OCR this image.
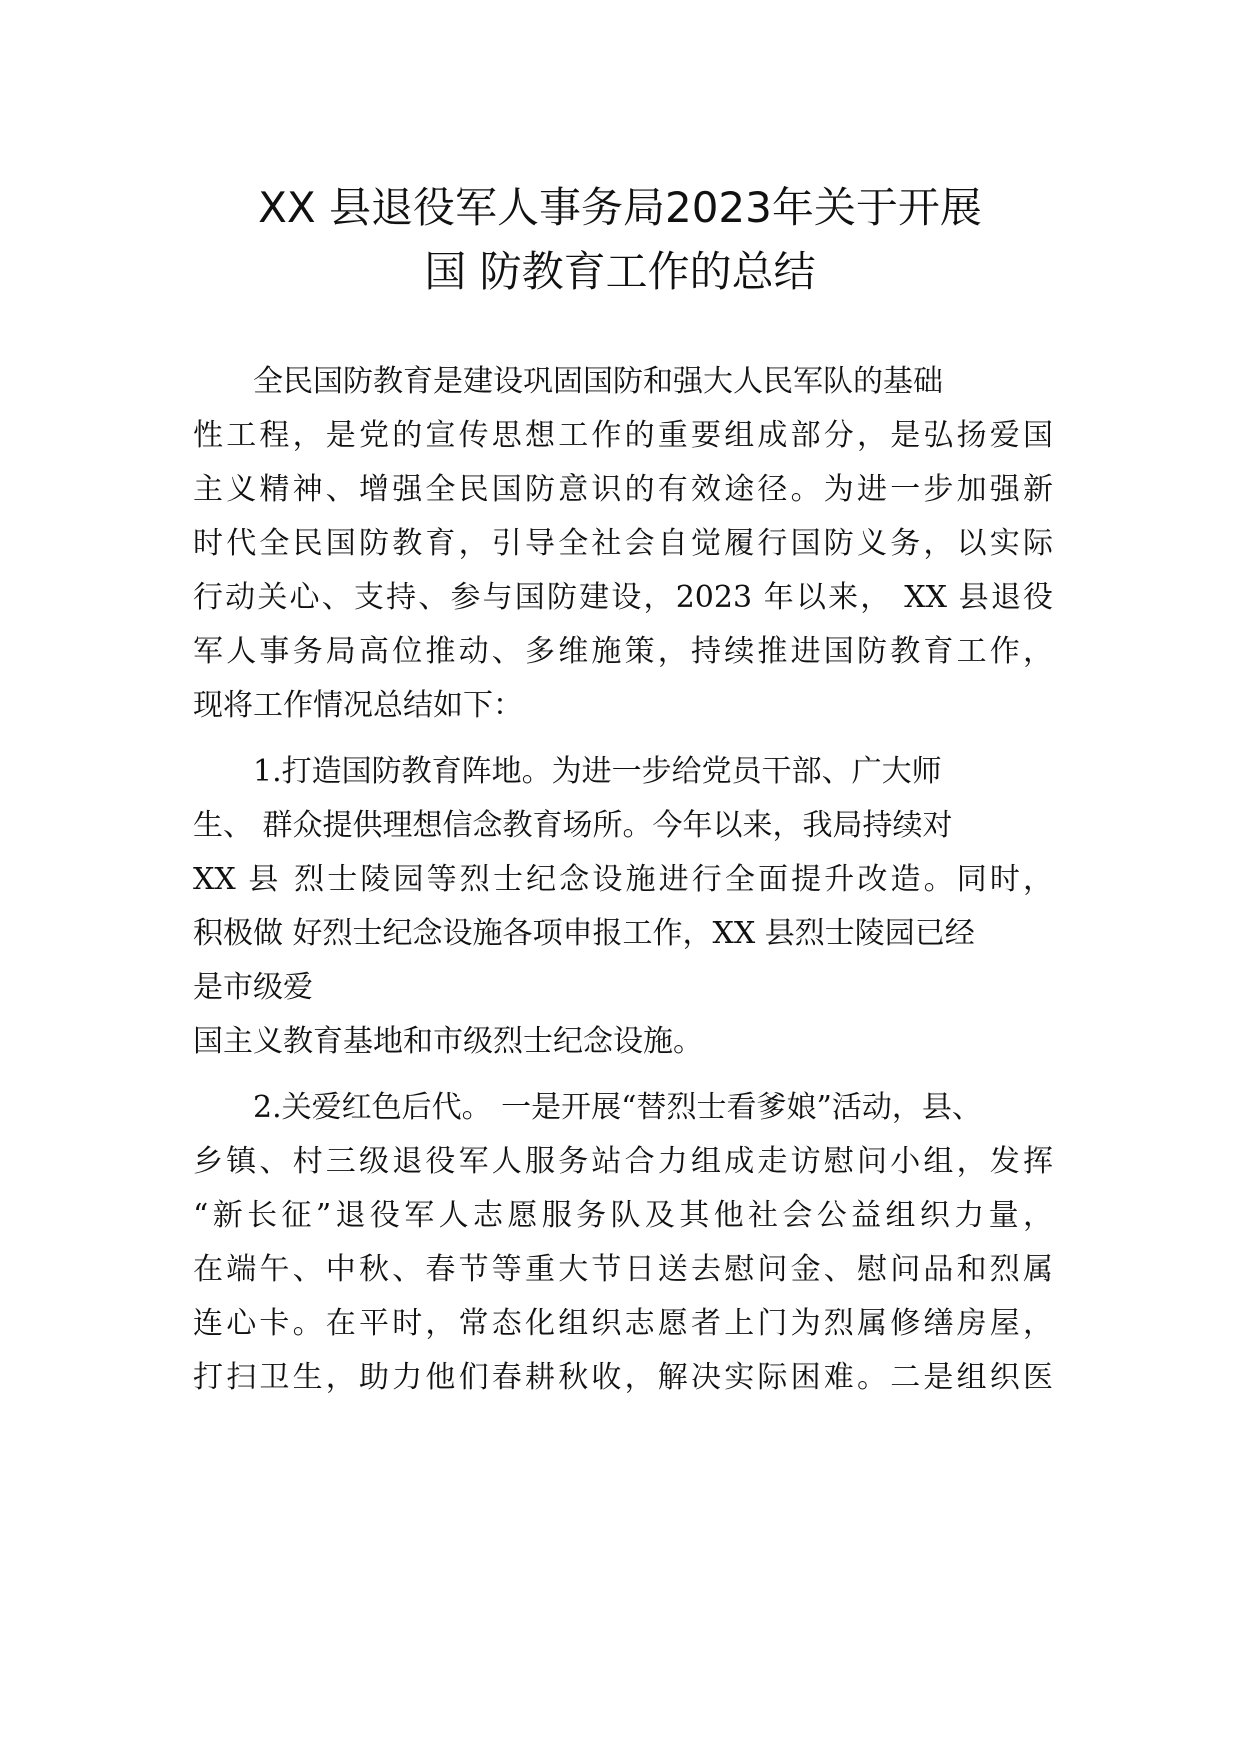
XX 县退役军人事务局2023年关于开展
国 防教育工作的总结
全民国防教育是建设巩固国防和强大人民军队的基础
性工程，是党的宣传思想工作的重要组成部分，是弘扬爱国
主义精神、增强全民国防意识的有效途径。为进一步加强新
时代全民国防教育，引导全社会自觉履行国防义务，以实际
行动关心、支持、参与国防建设，2023 年以来， XX 县退役
军人事务局高位推动、多维施策，持续推进国防教育工作，
现将工作情况总结如下：
1.打造国防教育阵地。为进一步给党员干部、广大师
生、 群众提供理想信念教育场所。今年以来，我局持续对
XX 县 烈士陵园等烈士纪念设施进行全面提升改造。同时，
积极做 好烈士纪念设施各项申报工作，XX 县烈士陵园已经
是市级爱
国主义教育基地和市级烈士纪念设施。
2.关爱红色后代。 一是开展“替烈士看爹娘”活动，县、
乡镇、村三级退役军人服务站合力组成走访慰问小组，发挥
“新长征”退役军人志愿服务队及其他社会公益组织力量，
在端午、中秋、春节等重大节日送去慰问金、慰问品和烈属
连心卡。在平时，常态化组织志愿者上门为烈属修缮房屋，
打扫卫生，助力他们春耕秋收，解决实际困难。二是组织医
